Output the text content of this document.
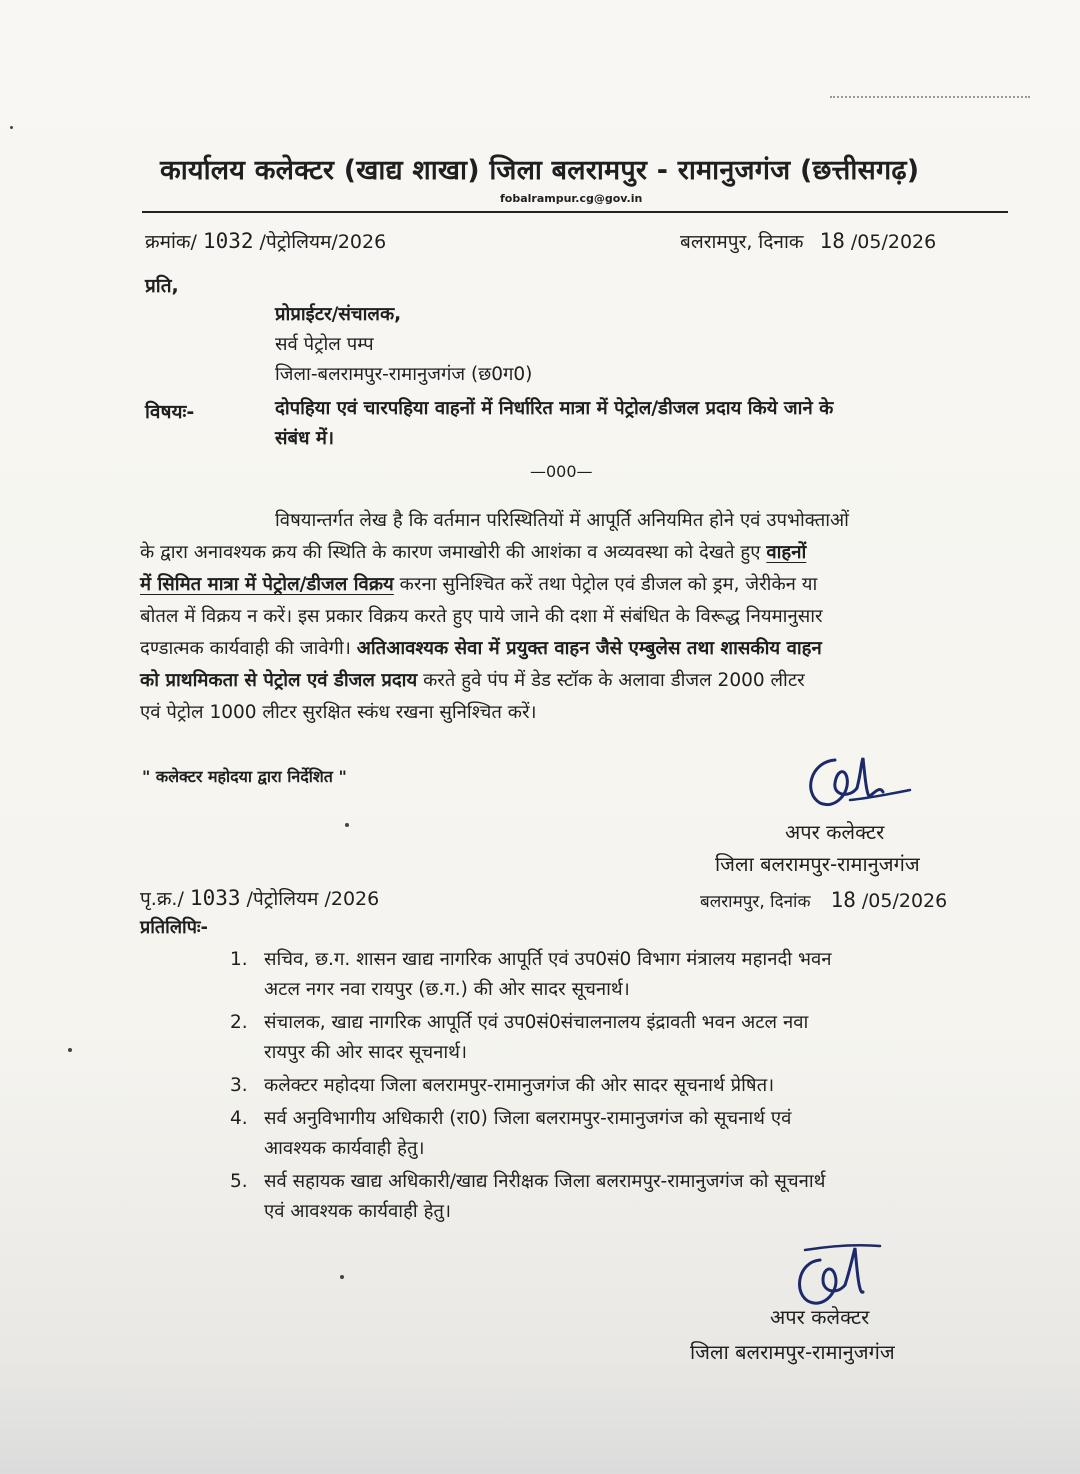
कार्यालय कलेक्टर (खाद्य शाखा) जिला बलरामपुर - रामानुजगंज (छत्तीसगढ़)
fobalrampur.cg@gov.in
क्रमांक/ 1032 /पेट्रोलियम/2026	बलरामपुर, दिनाक 18 /05/2026
प्रति,
प्रोप्राईटर/संचालक,
सर्व पेट्रोल पम्प
जिला-बलरामपुर-रामानुजगंज (छ0ग0)
विषयः-	दोपहिया एवं चारपहिया वाहनों में निर्धारित मात्रा में पेट्रोल/डीजल प्रदाय किये जाने के
संबंध में।
—000—
विषयान्तर्गत लेख है कि वर्तमान परिस्थितियों में आपूर्ति अनियमित होने एवं उपभोक्ताओं
के द्वारा अनावश्यक क्रय की स्थिति के कारण जमाखोरी की आशंका व अव्यवस्था को देखते हुए वाहनों
में सिमित मात्रा में पेट्रोल/डीजल विक्रय करना सुनिश्चित करें तथा पेट्रोल एवं डीजल को ड्रम, जेरीकेन या
बोतल में विक्रय न करें। इस प्रकार विक्रय करते हुए पाये जाने की दशा में संबंधित के विरूद्ध नियमानुसार
दण्डात्मक कार्यवाही की जावेगी। अतिआवश्यक सेवा में प्रयुक्त वाहन जैसे एम्बुलेस तथा शासकीय वाहन
को प्राथमिकता से पेट्रोल एवं डीजल प्रदाय करते हुवे पंप में डेड स्टॉक के अलावा डीजल 2000 लीटर
एवं पेट्रोल 1000 लीटर सुरक्षित स्कंध रखना सुनिश्चित करें।
" कलेक्टर महोदया द्वारा निर्देशित "
अपर कलेक्टर
जिला बलरामपुर-रामानुजगंज
पृ.क्र./ 1033 /पेट्रोलियम /2026	बलरामपुर, दिनांक 18 /05/2026
प्रतिलिपिः-
1. सचिव, छ.ग. शासन खाद्य नागरिक आपूर्ति एवं उप0सं0 विभाग मंत्रालय महानदी भवन
अटल नगर नवा रायपुर (छ.ग.) की ओर सादर सूचनार्थ।
2. संचालक, खाद्य नागरिक आपूर्ति एवं उप0सं0संचालनालय इंद्रावती भवन अटल नवा
रायपुर की ओर सादर सूचनार्थ।
3. कलेक्टर महोदया जिला बलरामपुर-रामानुजगंज की ओर सादर सूचनार्थ प्रेषित।
4. सर्व अनुविभागीय अधिकारी (रा0) जिला बलरामपुर-रामानुजगंज को सूचनार्थ एवं
आवश्यक कार्यवाही हेतु।
5. सर्व सहायक खाद्य अधिकारी/खाद्य निरीक्षक जिला बलरामपुर-रामानुजगंज को सूचनार्थ
एवं आवश्यक कार्यवाही हेतु।
अपर कलेक्टर
जिला बलरामपुर-रामानुजगंज
